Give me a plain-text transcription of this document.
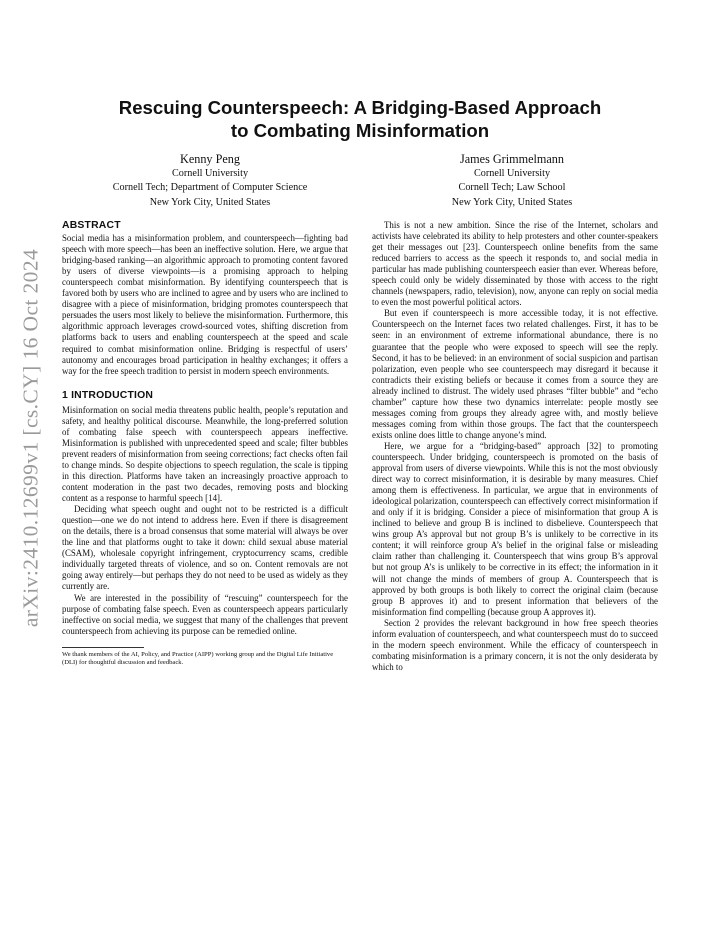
arXiv:2410.12699v1 [cs.CY] 16 Oct 2024
Rescuing Counterspeech: A Bridging-Based Approach
to Combating Misinformation
Kenny Peng
Cornell University
Cornell Tech; Department of Computer Science
New York City, United States
James Grimmelmann
Cornell University
Cornell Tech; Law School
New York City, United States
ABSTRACT

Social media has a misinformation problem, and counterspeech—fighting bad speech with more speech—has been an ineffective solution. Here, we argue that bridging-based ranking—an algorithmic approach to promoting content favored by users of diverse viewpoints—is a promising approach to helping counterspeech combat misinformation. By identifying counterspeech that is favored both by users who are inclined to agree and by users who are inclined to disagree with a piece of misinformation, bridging promotes counterspeech that persuades the users most likely to believe the misinformation. Furthermore, this algorithmic approach leverages crowd-sourced votes, shifting discretion from platforms back to users and enabling counterspeech at the speed and scale required to combat misinformation online. Bridging is respectful of users’ autonomy and encourages broad participation in healthy exchanges; it offers a way for the free speech tradition to persist in modern speech environments.

1 INTRODUCTION

Misinformation on social media threatens public health, people’s reputation and safety, and healthy political discourse. Meanwhile, the long-preferred solution of combating false speech with counterspeech appears ineffective. Misinformation is published with unprecedented speed and scale; filter bubbles prevent readers of misinformation from seeing corrections; fact checks often fail to change minds. So despite objections to speech regulation, the scale is tipping in this direction. Platforms have taken an increasingly proactive approach to content moderation in the past two decades, removing posts and blocking content as a response to harmful speech [14].

Deciding what speech ought and ought not to be restricted is a difficult question—one we do not intend to address here. Even if there is disagreement on the details, there is a broad consensus that some material will always be over the line and that platforms ought to take it down: child sexual abuse material (CSAM), wholesale copyright infringement, cryptocurrency scams, credible individually targeted threats of violence, and so on. Content removals are not going away entirely—but perhaps they do not need to be used as widely as they currently are.

We are interested in the possibility of “rescuing” counterspeech for the purpose of combating false speech. Even as counterspeech appears particularly ineffective on social media, we suggest that many of the challenges that prevent counterspeech from achieving its purpose can be remedied online.

We thank members of the AI, Policy, and Practice (AIPP) working group and the Digital Life Initiative (DLI) for thoughtful discussion and feedback.

This is not a new ambition. Since the rise of the Internet, scholars and activists have celebrated its ability to help protesters and other counter-speakers get their messages out [23]. Counterspeech online benefits from the same reduced barriers to access as the speech it responds to, and social media in particular has made publishing counterspeech easier than ever. Whereas before, speech could only be widely disseminated by those with access to the right channels (newspapers, radio, television), now, anyone can reply on social media to even the most powerful political actors.

But even if counterspeech is more accessible today, it is not effective. Counterspeech on the Internet faces two related challenges. First, it has to be seen: in an environment of extreme informational abundance, there is no guarantee that the people who were exposed to speech will see the reply. Second, it has to be believed: in an environment of social suspicion and partisan polarization, even people who see counterspeech may disregard it because it contradicts their existing beliefs or because it comes from a source they are already inclined to distrust. The widely used phrases “filter bubble” and “echo chamber” capture how these two dynamics interrelate: people mostly see messages coming from groups they already agree with, and mostly believe messages coming from within those groups. The fact that the counterspeech exists online does little to change anyone’s mind.

Here, we argue for a “bridging-based” approach [32] to promoting counterspeech. Under bridging, counterspeech is promoted on the basis of approval from users of diverse viewpoints. While this is not the most obviously direct way to correct misinformation, it is desirable by many measures. Chief among them is effectiveness. In particular, we argue that in environments of ideological polarization, counterspeech can effectively correct misinformation if and only if it is bridging. Consider a piece of misinformation that group A is inclined to believe and group B is inclined to disbelieve. Counterspeech that wins group A’s approval but not group B’s is unlikely to be corrective in its content; it will reinforce group A’s belief in the original false or misleading claim rather than challenging it. Counterspeech that wins group B’s approval but not group A’s is unlikely to be corrective in its effect; the information in it will not change the minds of members of group A. Counterspeech that is approved by both groups is both likely to correct the original claim (because group B approves it) and to present information that believers of the misinformation find compelling (because group A approves it).

Section 2 provides the relevant background in how free speech theories inform evaluation of counterspeech, and what counterspeech must do to succeed in the modern speech environment. While the efficacy of counterspeech in combating misinformation is a primary concern, it is not the only desiderata by which to
